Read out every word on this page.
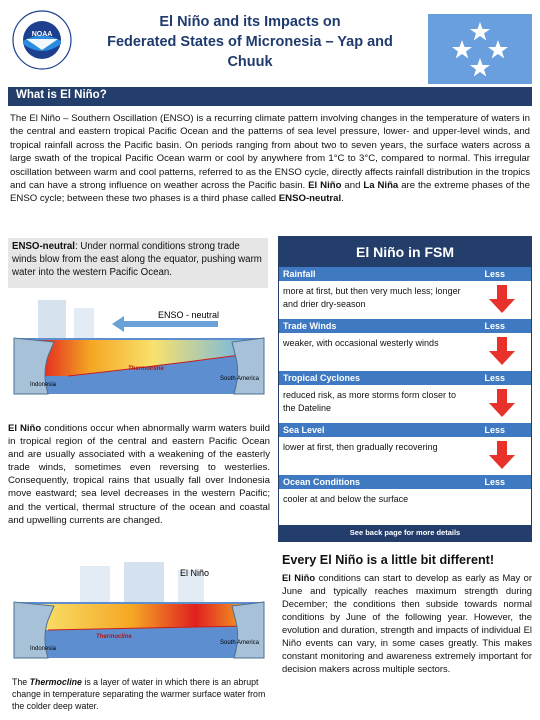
NOAA
El Niño and its Impacts on
Federated States of Micronesia – Yap and
Chuuk
What is El Niño?
The El Niño – Southern Oscillation (ENSO) is a recurring climate pattern involving changes in the temperature of waters in the central and eastern tropical Pacific Ocean and the patterns of sea level pressure, lower- and upper-level winds, and tropical rainfall across the Pacific basin. On periods ranging from about two to seven years, the surface waters across a large swath of the tropical Pacific Ocean warm or cool by anywhere from 1°C to 3°C, compared to normal. This irregular oscillation between warm and cool patterns, referred to as the ENSO cycle, directly affects rainfall distribution in the tropics and can have a strong influence on weather across the Pacific basin. El Niño and La Niña are the extreme phases of the ENSO cycle; between these two phases is a third phase called ENSO-neutral.
ENSO-neutral: Under normal conditions strong trade winds blow from the east along the equator, pushing warm water into the western Pacific Ocean.
ENSO - neutral
Indonesia
South America
Thermocline
El Niño conditions occur when abnormally warm waters build in tropical region of the central and eastern Pacific Ocean and are usually associated with a weakening of the easterly trade winds, sometimes even reversing to westerlies. Consequently, tropical rains that usually fall over Indonesia move eastward; sea level decreases in the western Pacific; and the vertical, thermal structure of the ocean and coastal and upwelling currents are changed.
El Niño
Indonesia
South America
Thermocline
The Thermocline is a layer of water in which there is an abrupt change in temperature separating the warmer surface water from the colder deep water.
El Niño in FSM
Rainfall	Less
more at first, but then very much less; longer and drier dry-season
Trade Winds	Less
weaker, with occasional westerly winds
Tropical Cyclones	Less
reduced risk, as more storms form closer to the Dateline
Sea Level	Less
lower at first, then gradually recovering
Ocean Conditions	Less
cooler at and below the surface
See back page for more details
Every El Niño is a little bit different!
El Niño conditions can start to develop as early as May or June and typically reaches maximum strength during December; the conditions then subside towards normal conditions by June of the following year. However, the evolution and duration, strength and impacts of individual El Niño events can vary, in some cases greatly. This makes constant monitoring and awareness extremely important for decision makers across multiple sectors.
